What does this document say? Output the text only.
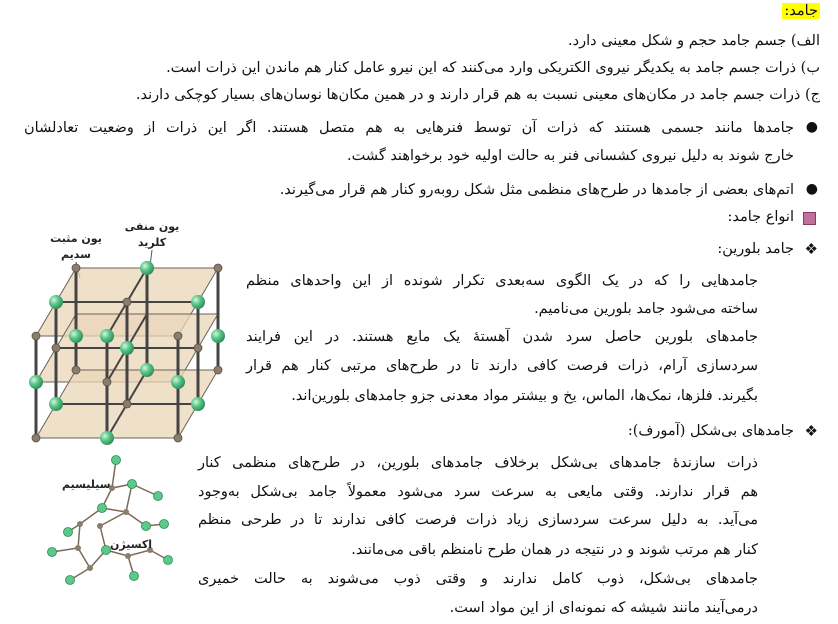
جامد:
الف) جسم جامد حجم و شکل معینی دارد.
ب) ذرات جسم جامد به یکدیگر نیروی الکتریکی وارد می‌کنند که این نیرو عامل کنار هم ماندن این ذرات است.
ج) ذرات جسم جامد در مکان‌های معینی نسبت به هم قرار دارند و در همین مکان‌ها نوسان‌های بسیار کوچکی دارند.
●
جامدها مانند جسمی هستند که ذرات آن توسط فنرهایی به هم متصل هستند. اگر این ذرات از وضعیت تعادلشان
خارج شوند به دلیل نیروی کشسانی فنر به حالت اولیه خود برخواهند گشت.
●
اتم‌های بعضی از جامدها در طرح‌های منظمی مثل شکل روبه‌رو کنار هم قرار می‌گیرند.
انواع جامد:
❖
جامد بلورین:
جامدهایی را که در یک الگوی سه‌بعدی تکرار شونده از این واحدهای منظم
ساخته می‌شود جامد بلورین می‌نامیم.
جامدهای بلورین حاصل سرد شدن آهستهٔ یک مایع هستند. در این فرایند
سردسازی آرام، ذرات فرصت کافی دارند تا در طرح‌های مرتبی کنار هم قرار
بگیرند. فلزها، نمک‌ها، الماس، یخ و بیشتر مواد معدنی جزو جامدهای بلورین‌اند.
❖
جامدهای بی‌شکل (آمورف):
ذرات سازندهٔ جامدهای بی‌شکل برخلاف جامدهای بلورین، در طرح‌های منظمی کنار
هم قرار ندارند. وقتی مایعی به سرعت سرد می‌شود معمولاً جامد بی‌شکل به‌وجود
می‌آید. به دلیل سرعت سردسازی زیاد ذرات فرصت کافی ندارند تا در طرحی منظم
کنار هم مرتب شوند و در نتیجه در همان طرح نامنظم باقی می‌مانند.
جامدهای بی‌شکل، ذوب کامل ندارند و وقتی ذوب می‌شوند به حالت خمیری
درمی‌آیند مانند شیشه که نمونه‌ای از این مواد است.
یون مثبت
سدیم
یون منفی
کلرید
سیلیسیم
اکسیژن
